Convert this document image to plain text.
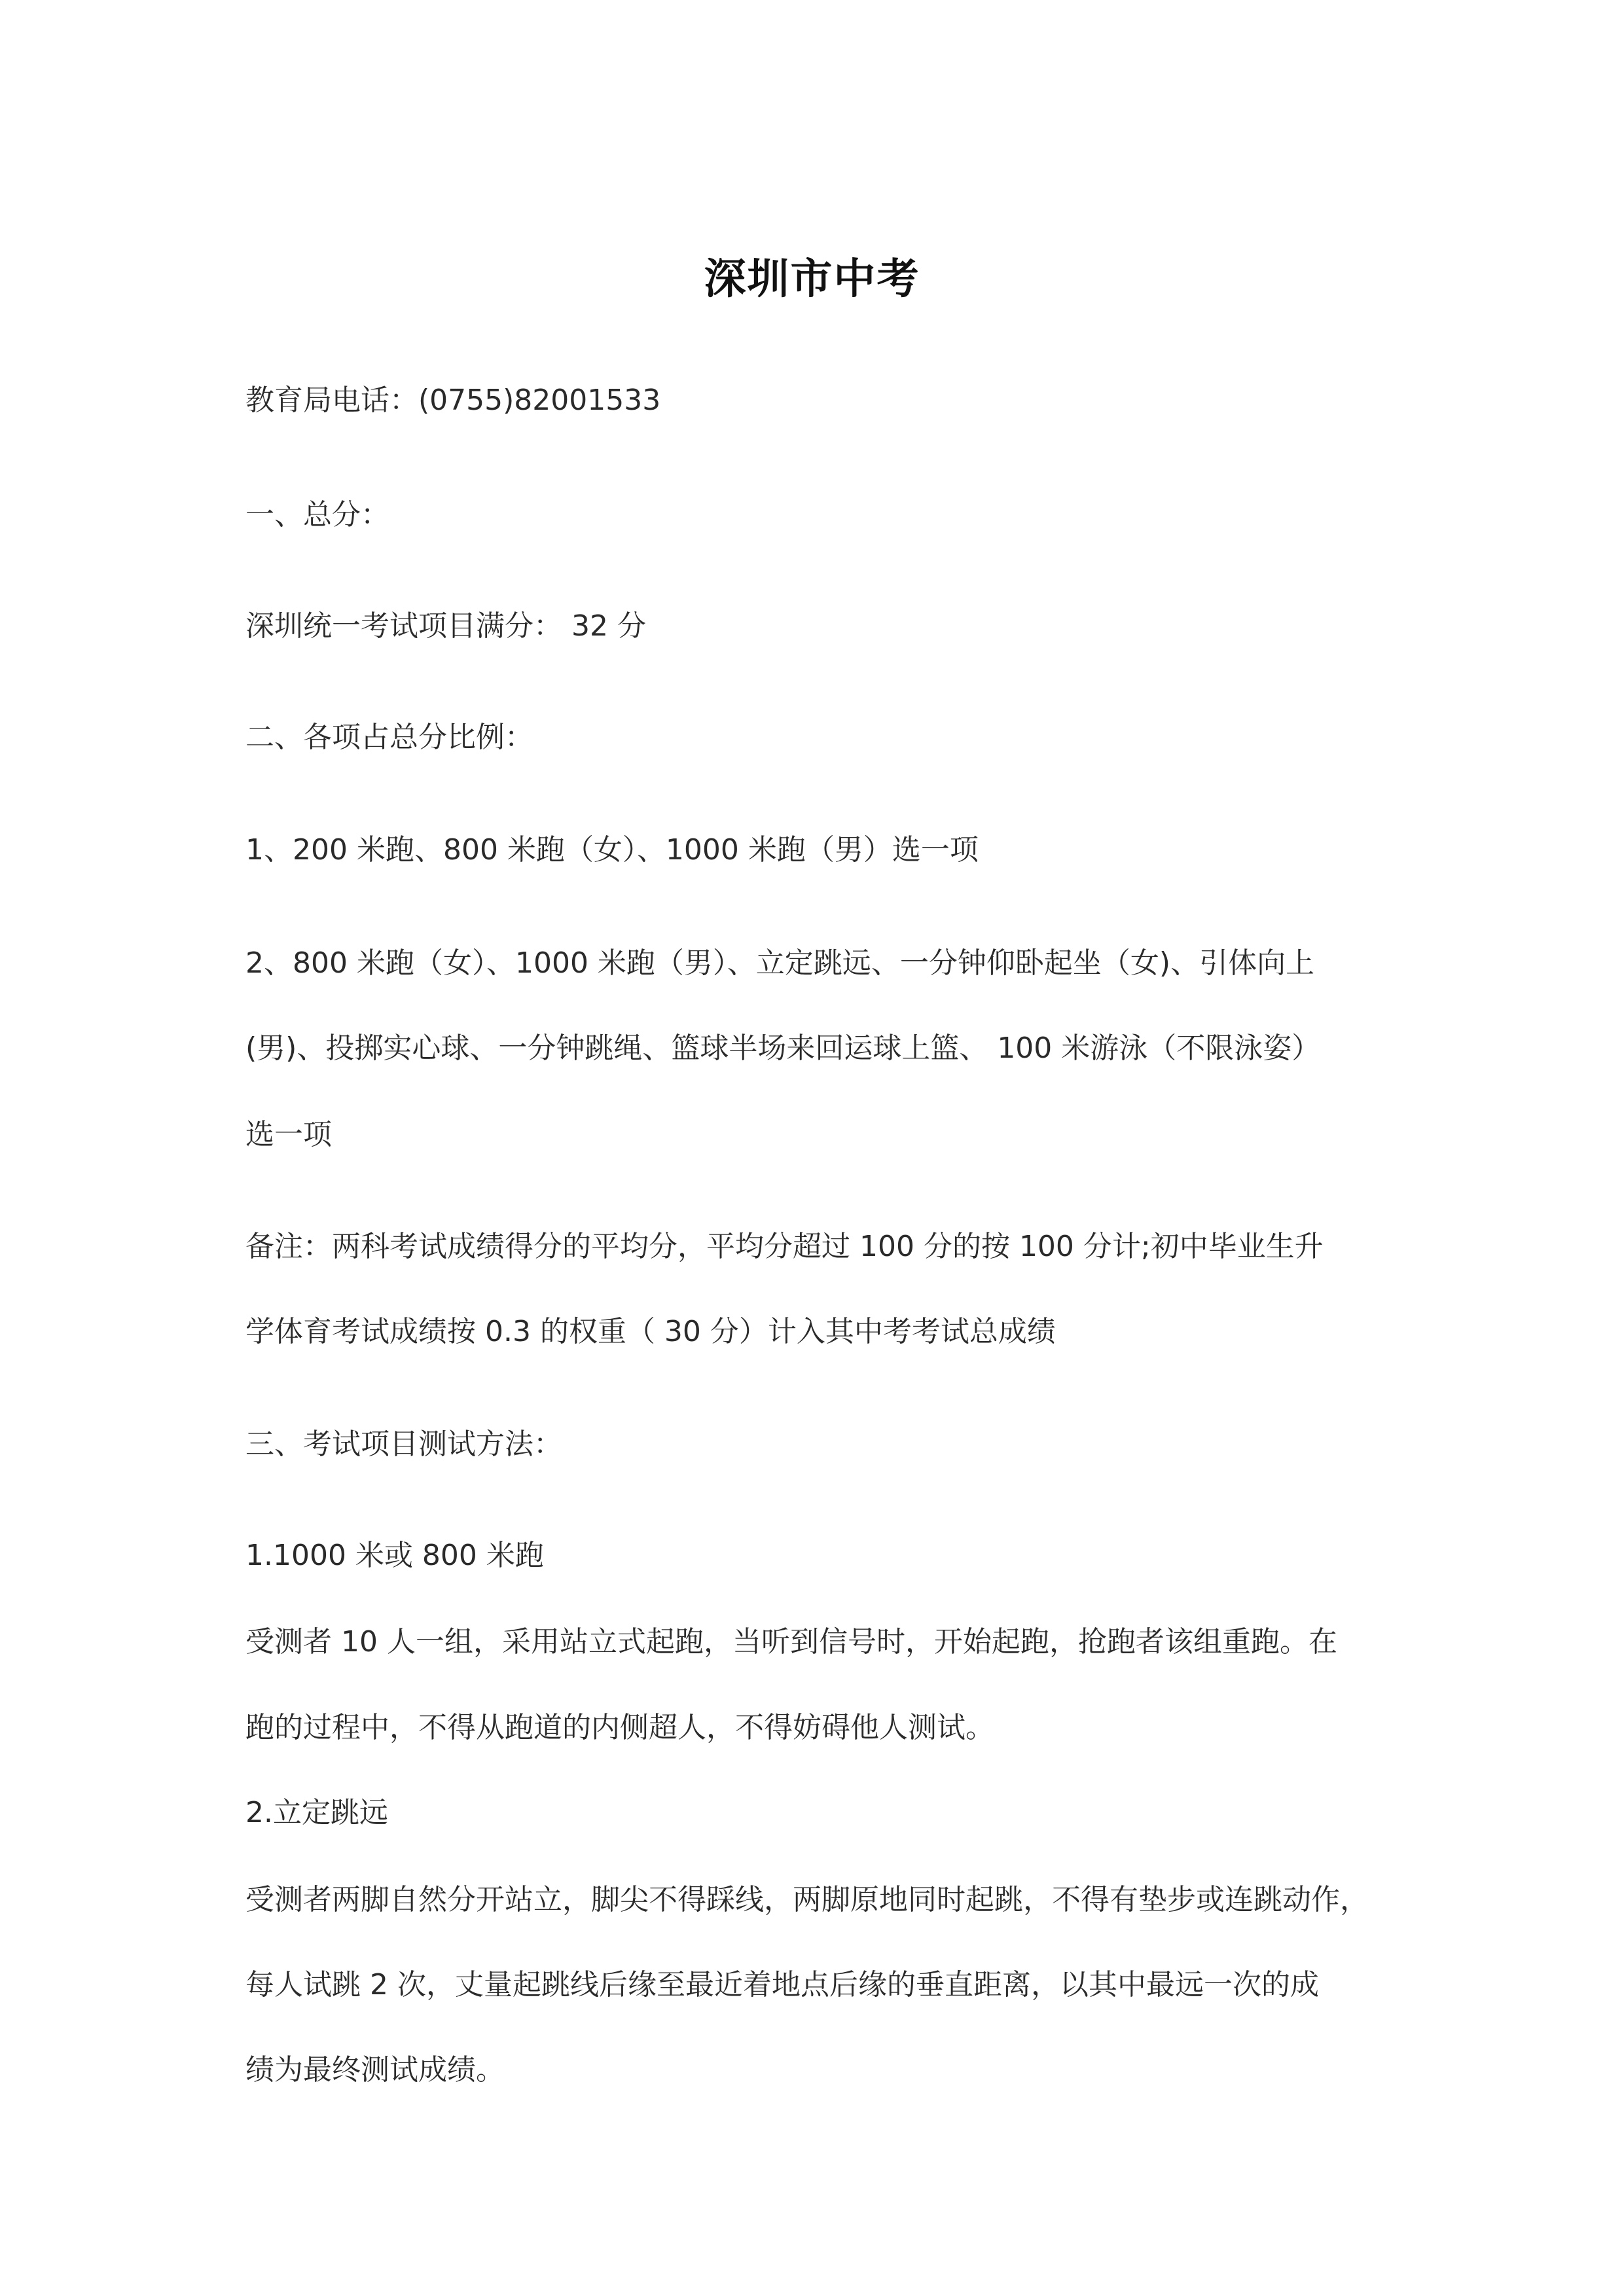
深圳市中考
教育局电话：(0755)82001533
一、总分：
深圳统一考试项目满分： 32 分
二、各项占总分比例：
1、200 米跑、800 米跑（女）、1000 米跑（男）选一项
2、800 米跑（女）、1000 米跑（男）、立定跳远、一分钟仰卧起坐（女)、引体向上
(男)、投掷实心球、一分钟跳绳、篮球半场来回运球上篮、 100 米游泳（不限泳姿）
选一项
备注：两科考试成绩得分的平均分，平均分超过 100 分的按 100 分计;初中毕业生升
学体育考试成绩按 0.3 的权重（ 30 分）计入其中考考试总成绩
三、考试项目测试方法：
1.1000 米或 800 米跑
受测者 10 人一组，采用站立式起跑，当听到信号时，开始起跑，抢跑者该组重跑。在
跑的过程中，不得从跑道的内侧超人，不得妨碍他人测试。
2.立定跳远
受测者两脚自然分开站立，脚尖不得踩线，两脚原地同时起跳，不得有垫步或连跳动作，
每人试跳 2 次，丈量起跳线后缘至最近着地点后缘的垂直距离，以其中最远一次的成
绩为最终测试成绩。
